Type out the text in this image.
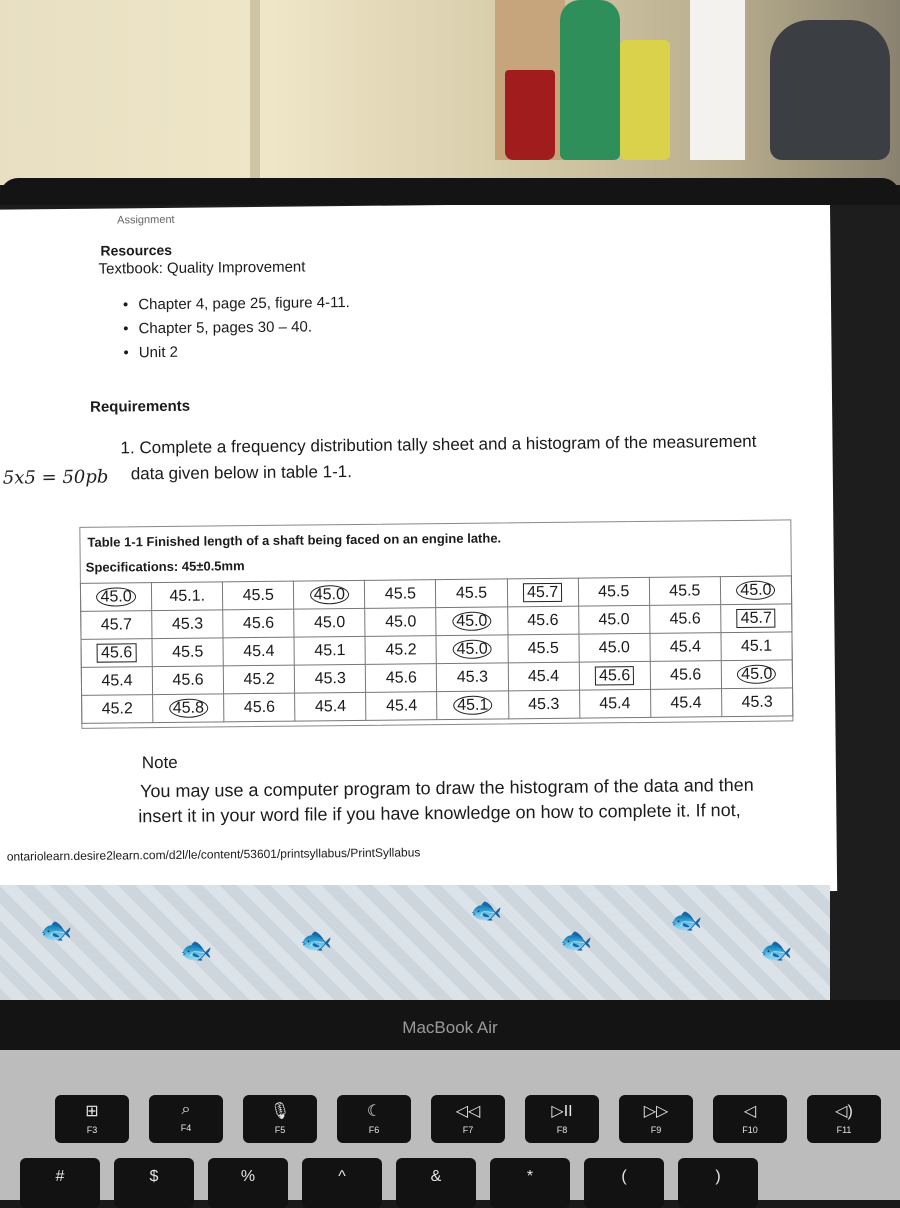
Assignment
Resources
Textbook: Quality Improvement
• Chapter 4, page 25, figure 4-11.
• Chapter 5, pages 30 – 40.
• Unit 2
Requirements
1. Complete a frequency distribution tally sheet and a histogram of the measurement
data given below in table 1-1.
5x5 = 50pb
Table 1-1 Finished length of a shaft being faced on an engine lathe.
Specifications: 45±0.5mm
45.0	45.1.	45.5	45.0	45.5	45.5	45.7	45.5	45.5	45.0
45.7	45.3	45.6	45.0	45.0	45.0	45.6	45.0	45.6	45.7
45.6	45.5	45.4	45.1	45.2	45.0	45.5	45.0	45.4	45.1
45.4	45.6	45.2	45.3	45.6	45.3	45.4	45.6	45.6	45.0
45.2	45.8	45.6	45.4	45.4	45.1	45.3	45.4	45.4	45.3
Note
You may use a computer program to draw the histogram of the data and then
insert it in your word file if you have knowledge on how to complete it. If not,
ontariolearn.desire2learn.com/d2l/le/content/53601/printsyllabus/PrintSyllabus
🐟
🐟	🐟
🐟
🐟
🐟
🐟
MacBook Air
⊞
F3
⌕
F4
🎙
F5
☾
F6
◁◁
F7
▷II
F8
▷▷
F9
◁
F10
◁)
F11
#	$	%	^	&	*	(	)
